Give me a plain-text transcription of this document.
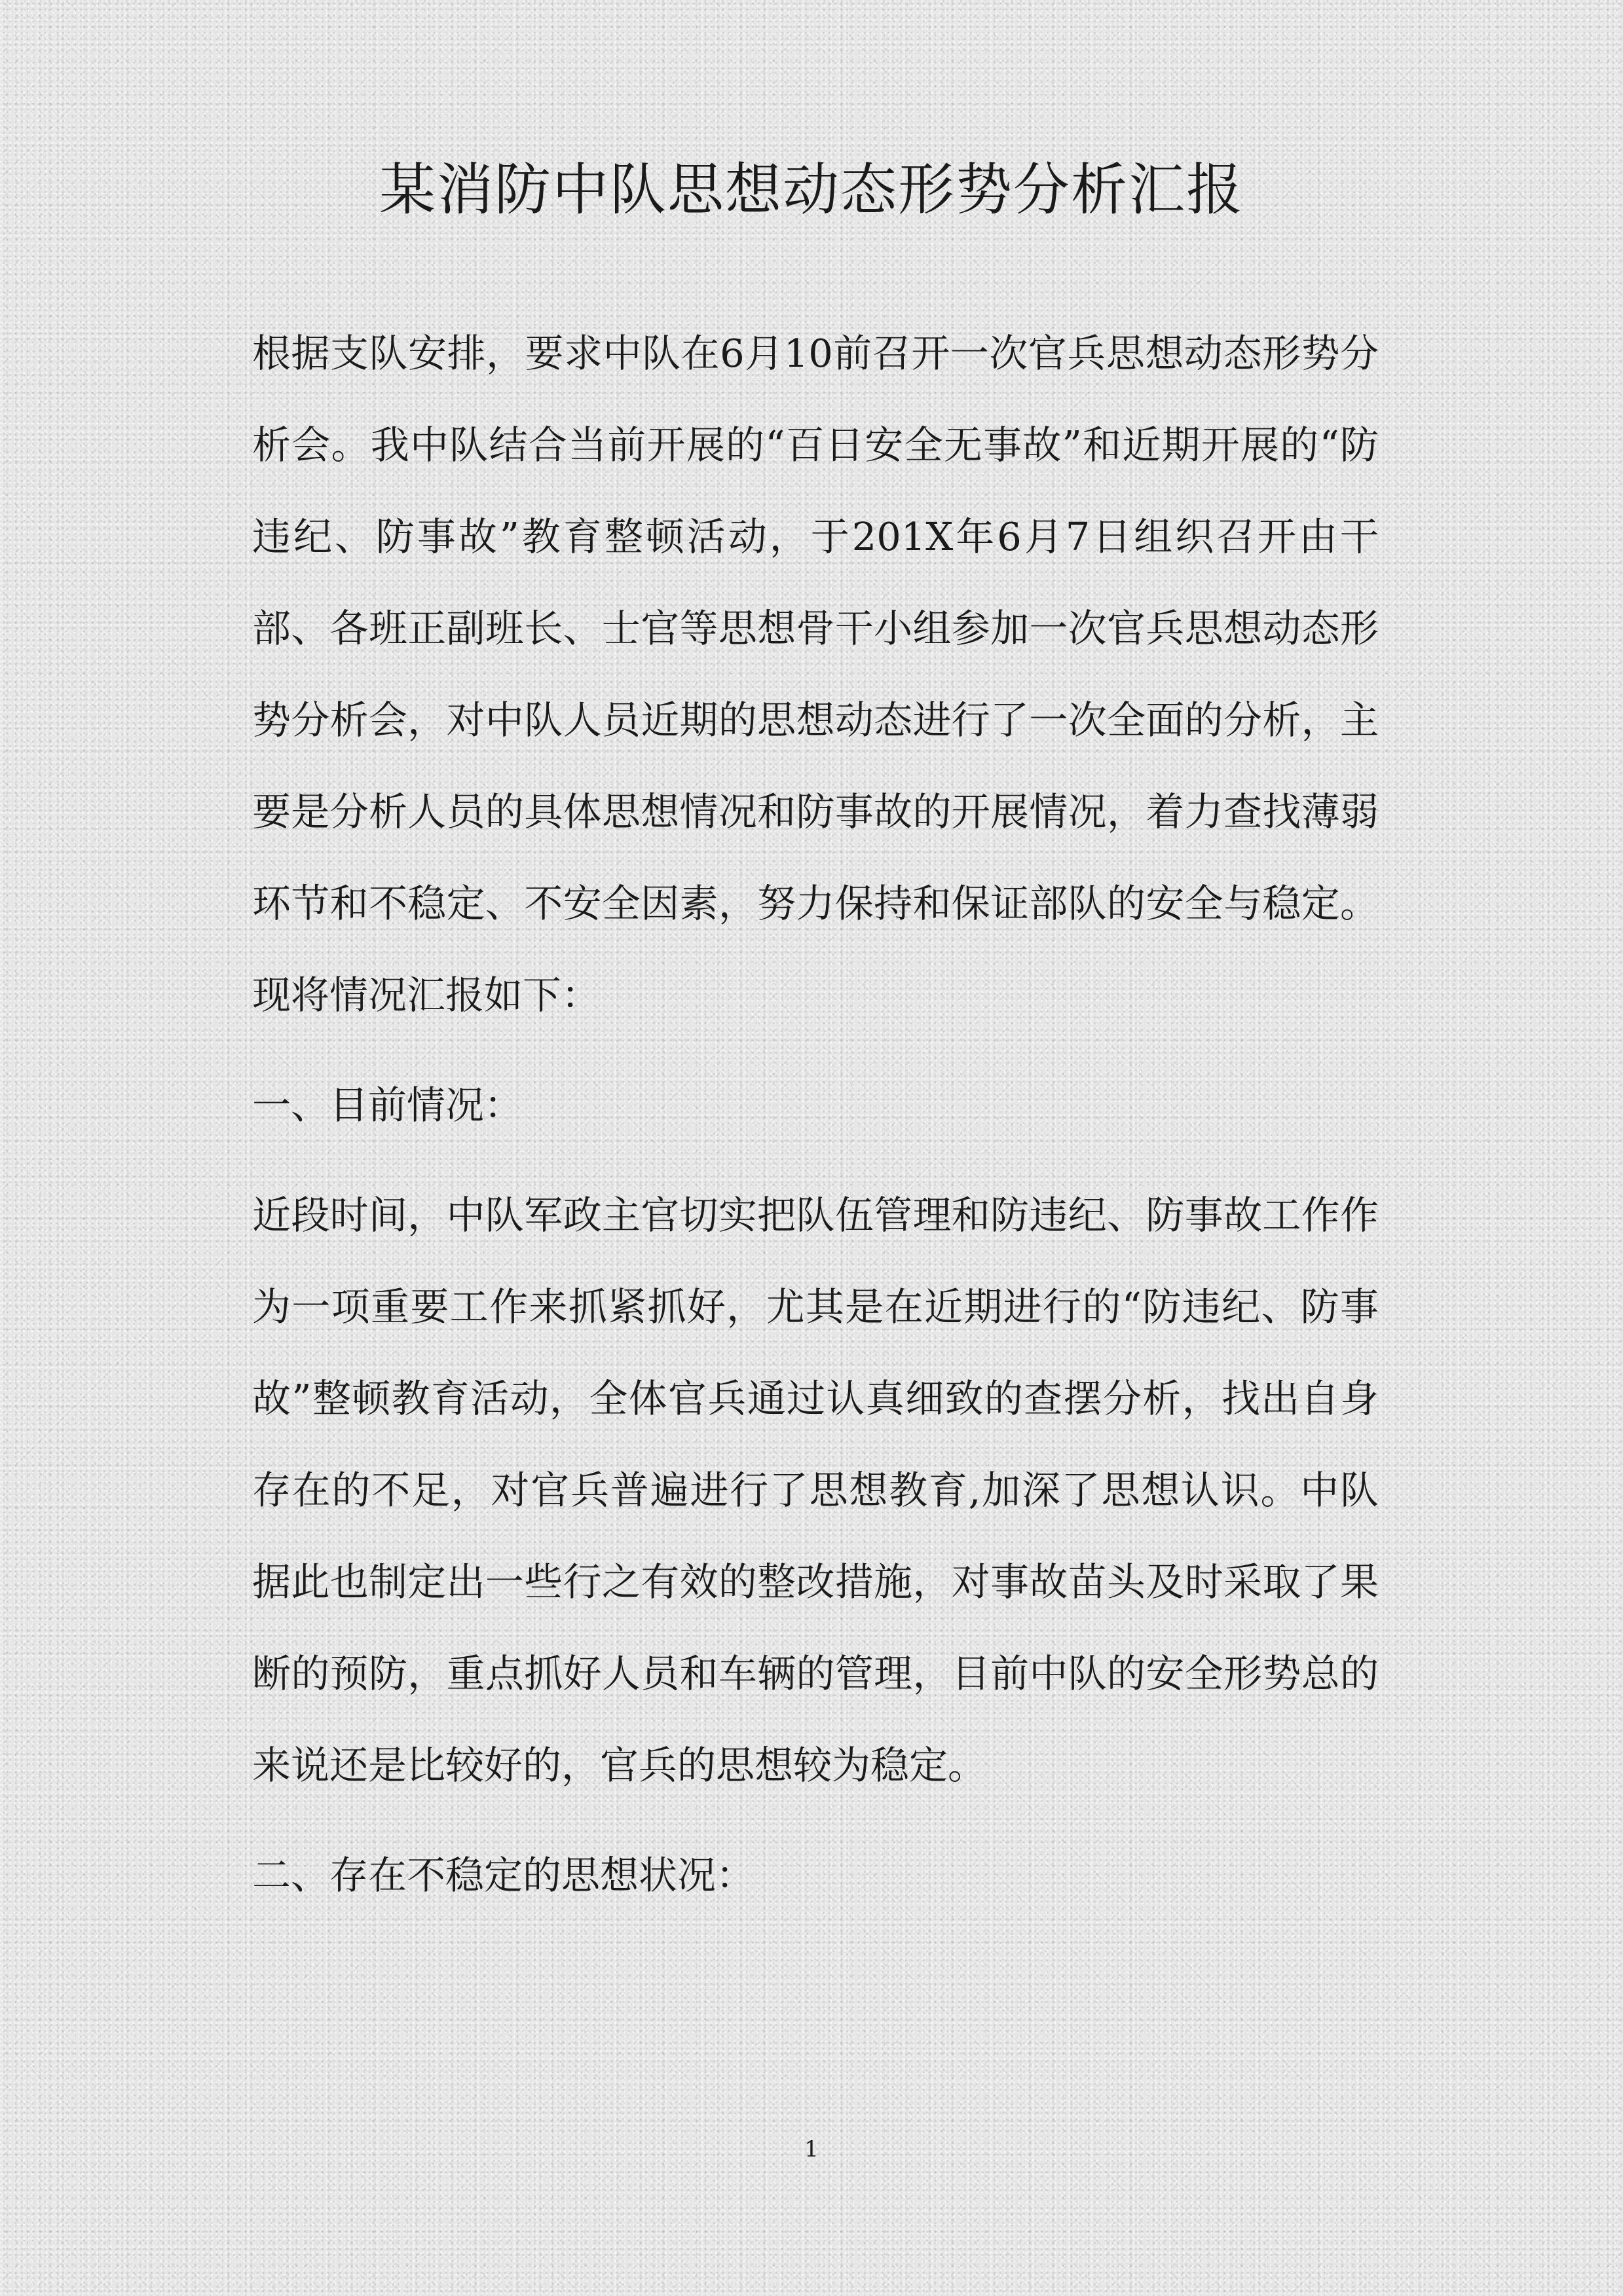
某消防中队思想动态形势分析汇报

根据支队安排，要求中队在6月10前召开一次官兵思想动态形势分析会。我中队结合当前开展的“百日安全无事故”和近期开展的“防违纪、防事故”教育整顿活动，于201X年6月7日组织召开由干部、各班正副班长、士官等思想骨干小组参加一次官兵思想动态形势分析会，对中队人员近期的思想动态进行了一次全面的分析，主要是分析人员的具体思想情况和防事故的开展情况，着力查找薄弱环节和不稳定、不安全因素，努力保持和保证部队的安全与稳定。现将情况汇报如下：

一、目前情况：

近段时间，中队军政主官切实把队伍管理和防违纪、防事故工作作为一项重要工作来抓紧抓好，尤其是在近期进行的“防违纪、防事故”整顿教育活动，全体官兵通过认真细致的查摆分析，找出自身存在的不足，对官兵普遍进行了思想教育,加深了思想认识。中队据此也制定出一些行之有效的整改措施，对事故苗头及时采取了果断的预防，重点抓好人员和车辆的管理，目前中队的安全形势总的来说还是比较好的，官兵的思想较为稳定。

二、存在不稳定的思想状况：

1
